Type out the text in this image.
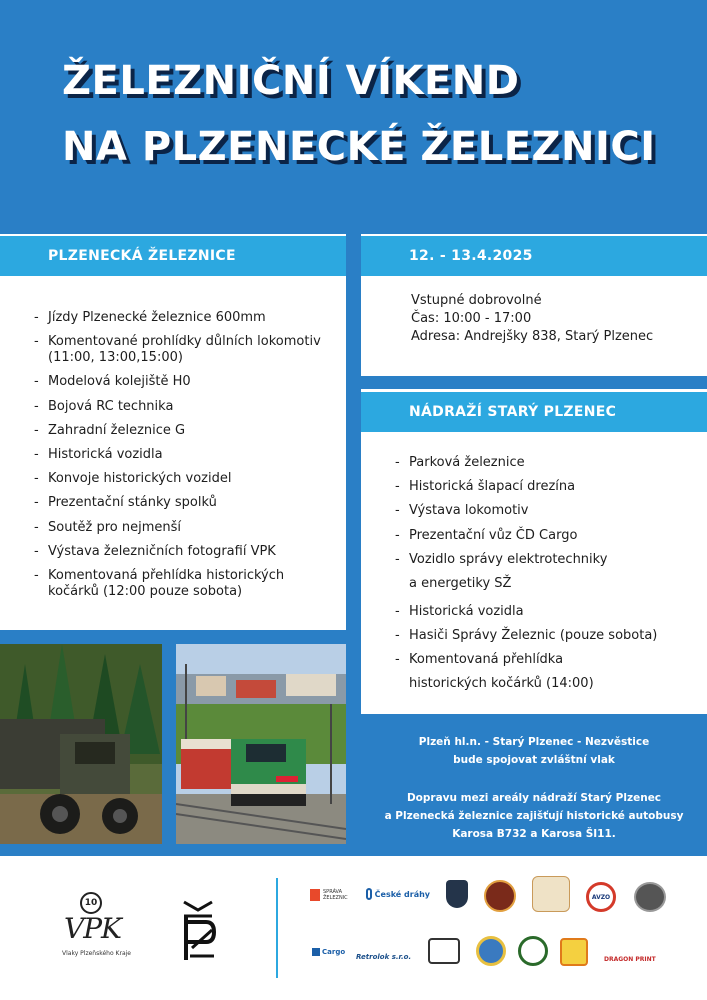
ŽELEZNIČNÍ VÍKEND
NA PLZENECKÉ ŽELEZNICI
- Jízdy Plzenecké železnice 600mm
- Komentované prohlídky důlních lokomotiv (11:00, 13:00,15:00)
- Modelová kolejiště H0
- Bojová RC technika
- Zahradní železnice G
- Historická vozidla
- Konvoje historických vozidel
- Prezentační stánky spolků
- Soutěž pro nejmenší
- Výstava železničních fotografií VPK
- Komentovaná přehlídka historických kočárků (12:00 pouze sobota)
PLZENECKÁ ŽELEZNICE
Vstupné dobrovolné
Čas: 10:00 - 17:00
Adresa: Andrejšky 838, Starý Plzenec
12. - 13.4.2025
- Parková železnice
- Historická šlapací drezína
- Výstava lokomotiv
- Prezentační vůz ČD Cargo
- Vozidlo správy elektrotechniky a energetiky SŽ
- Historická vozidla
- Hasiči Správy Železnic (pouze sobota)
- Komentovaná přehlídka historických kočárků (14:00)
NÁDRAŽÍ STARÝ PLZENEC
Plzeň hl.n. - Starý Plzenec - Nezvěstice
bude spojovat zvláštní vlak
Dopravu mezi areály nádraží Starý Plzenec
a Plzenecká železnice zajišťují historické autobusy
Karosa B732 a Karosa ŠI11.
10
VPK
Vlaky Plzeňského Kraje
SPRÁVA ŽELEZNIC	České dráhy	AVZO
Cargo
Retrolok s.r.o.	DRAGON PRINT
